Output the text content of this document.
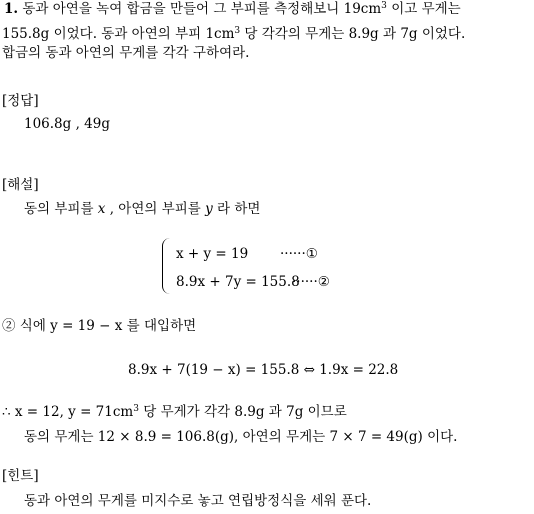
1. 동과 아연을 녹여 합금을 만들어 그 부피를 측정해보니 $19cm^3$ 이고 무게는
155.8g 이었다. 동과 아연의 부피 $1cm^3$ 당 각각의 무게는 8.9g 과 7g 이었다.
합금의 동과 아연의 무게를 각각 구하여라.
[정답]
106.8g , 49g
[해설]
동의 부피를 x , 아연의 부피를 y 라 하면
x + y = 19 ······①
8.9x + 7y = 155.8
······②
② 식에 y = 19 − x 를 대입하면
8.9x + 7(19 − x) = 155.8 ⇔ 1.9x = 22.8
∴ x = 12, $y = 71cm^3$ 당 무게가 각각 8.9g 과 7g 이므로
동의 무게는 12 × 8.9 = 106.8(g), 아연의 무게는 7 × 7 = 49(g) 이다.
[힌트]
동과 아연의 무게를 미지수로 놓고 연립방정식을 세워 푼다.
